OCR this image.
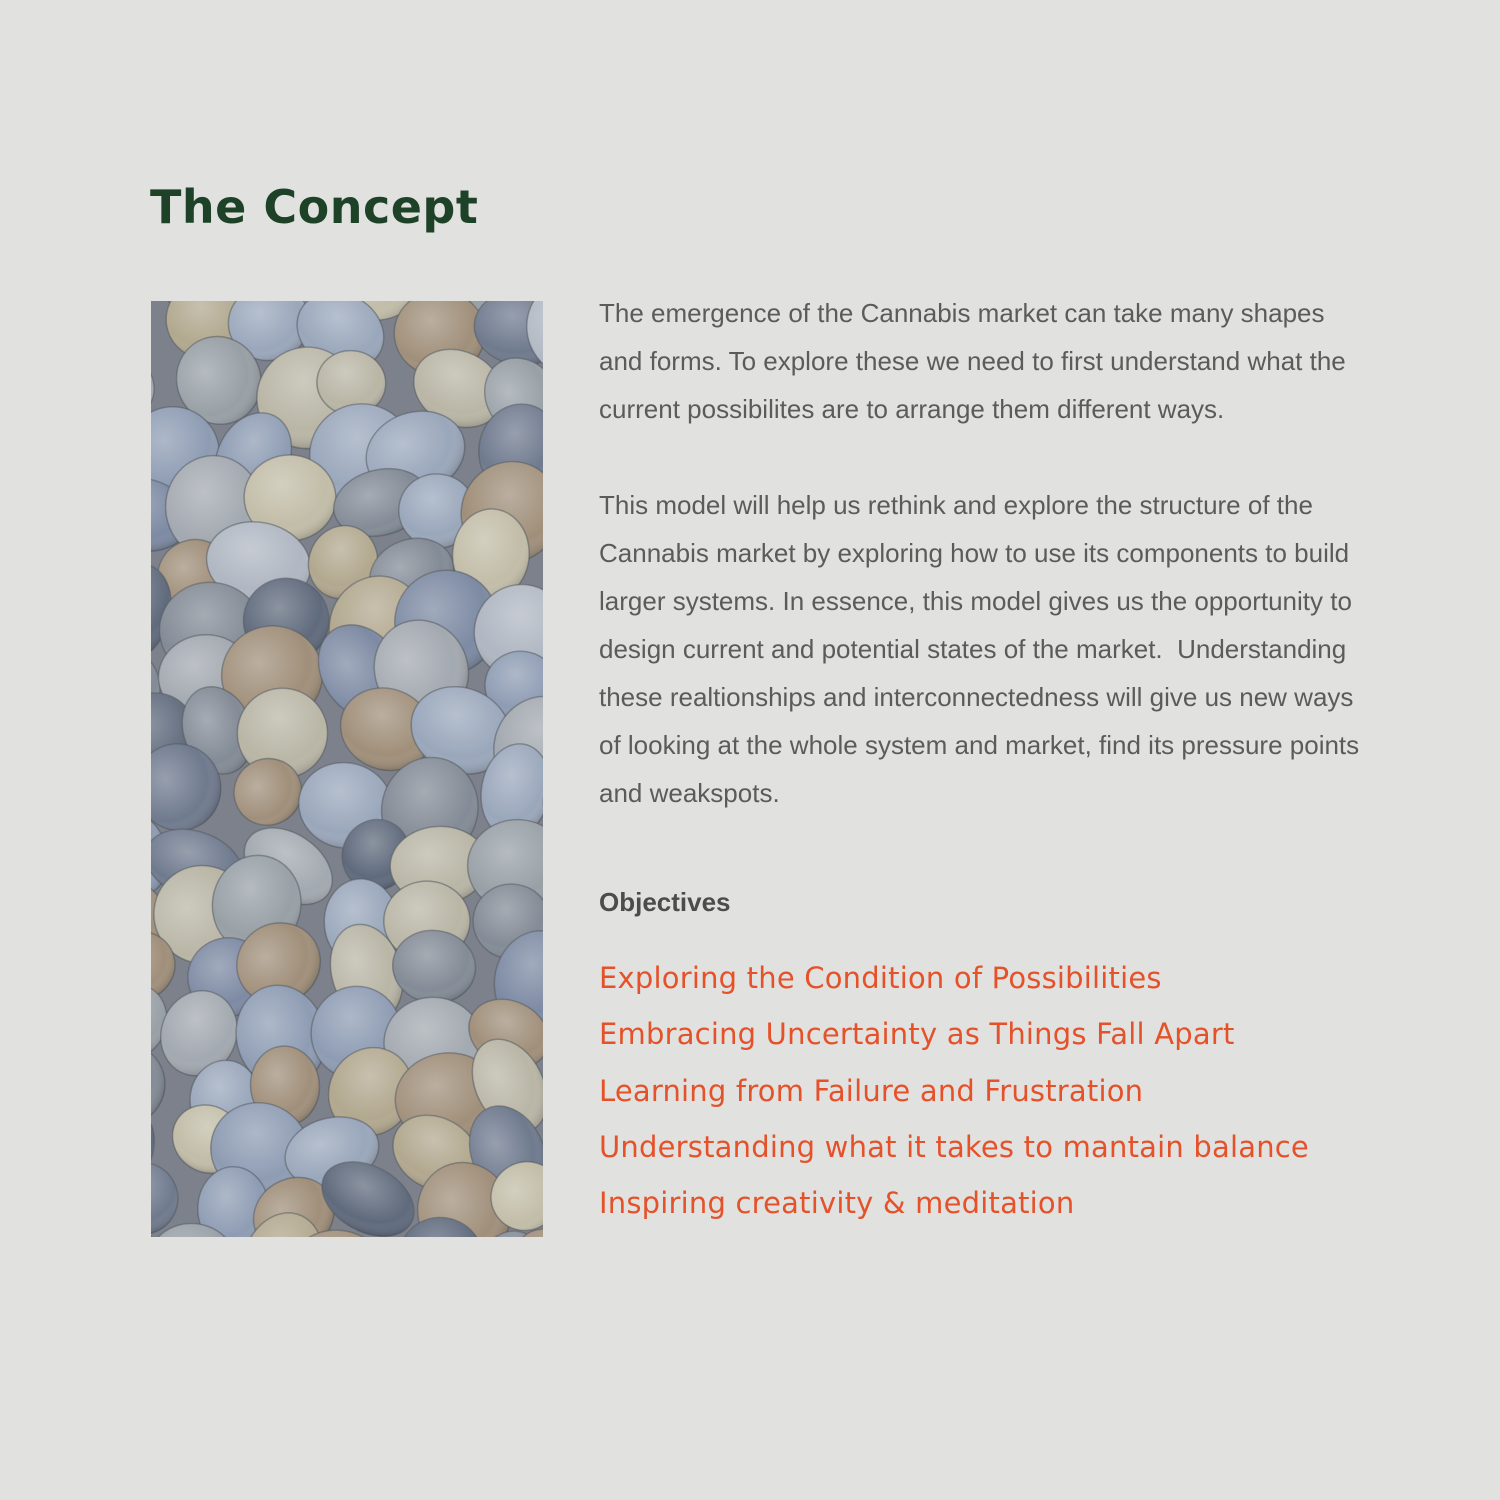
The Concept

The emergence of the Cannabis market can take many shapes
and forms. To explore these we need to first understand what the
current possibilites are to arrange them different ways.

This model will help us rethink and explore the structure of the
Cannabis market by exploring how to use its components to build
larger systems. In essence, this model gives us the opportunity to
design current and potential states of the market.  Understanding
these realtionships and interconnectedness will give us new ways
of looking at the whole system and market, find its pressure points
and weakspots.

Objectives
Exploring the Condition of Possibilities
Embracing Uncertainty as Things Fall Apart
Learning from Failure and Frustration
Understanding what it takes to mantain balance
Inspiring creativity & meditation
